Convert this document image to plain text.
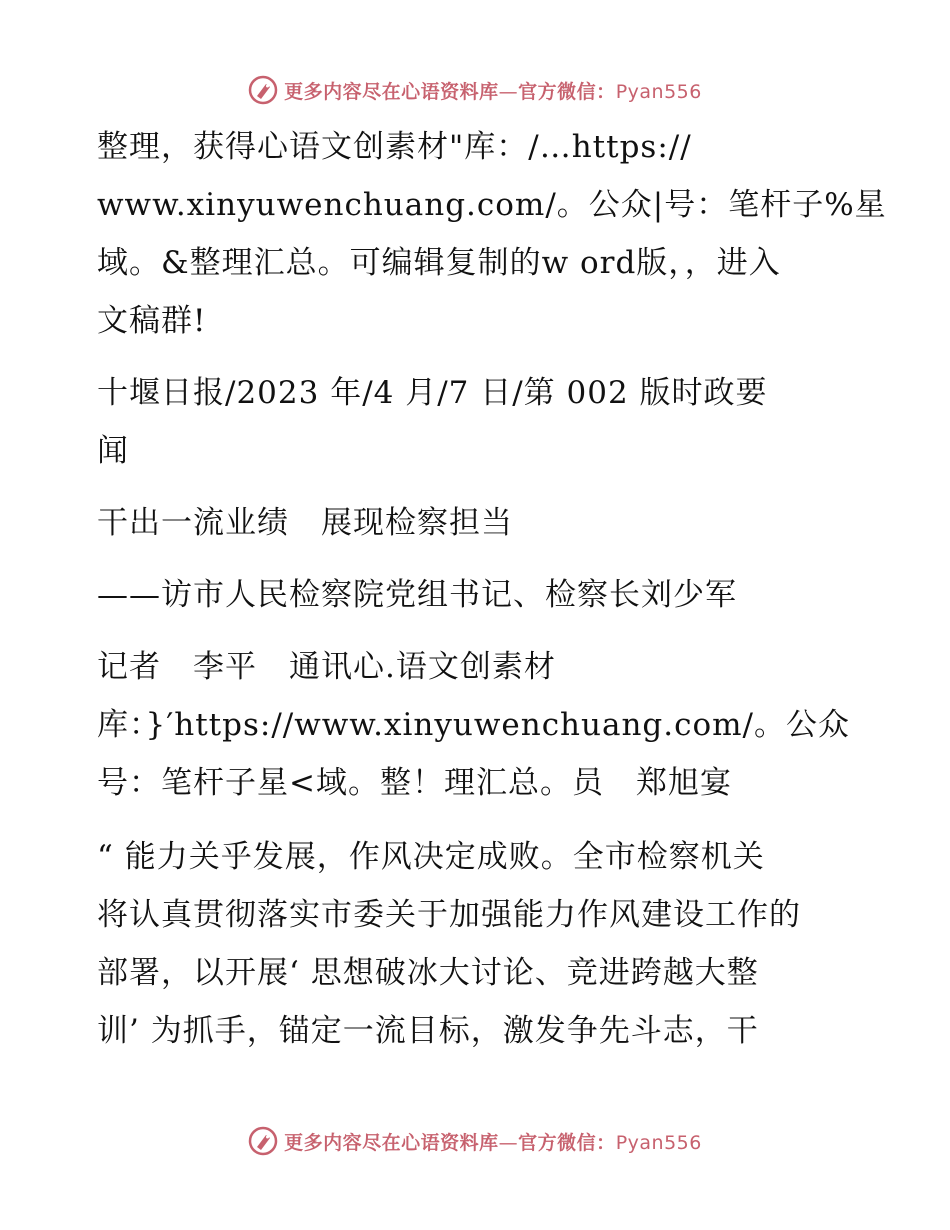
更多内容尽在心语资料库—官方微信：Pyan556

整理，获得心语文创素材"库：/…https://
www.xinyuwenchuang.com/。公众|号：笔杆子%星
域。&整理汇总。可编辑复制的w ord版，，进入
文稿群!

十堰日报/2023 年/4 月/7 日/第 002 版时政要
闻

干出一流业绩　展现检察担当

——访市人民检察院党组书记、检察长刘少军

记者　李平　通讯心.语文创素材
库：}′https://www.xinyuwenchuang.com/。公众
号：笔杆子星<域。整！理汇总。员　郑旭宴

“ 能力关乎发展，作风决定成败。全市检察机关
将认真贯彻落实市委关于加强能力作风建设工作的
部署，以开展‘ 思想破冰大讨论、竞进跨越大整
训’ 为抓手，锚定一流目标，激发争先斗志，干

更多内容尽在心语资料库—官方微信：Pyan556
